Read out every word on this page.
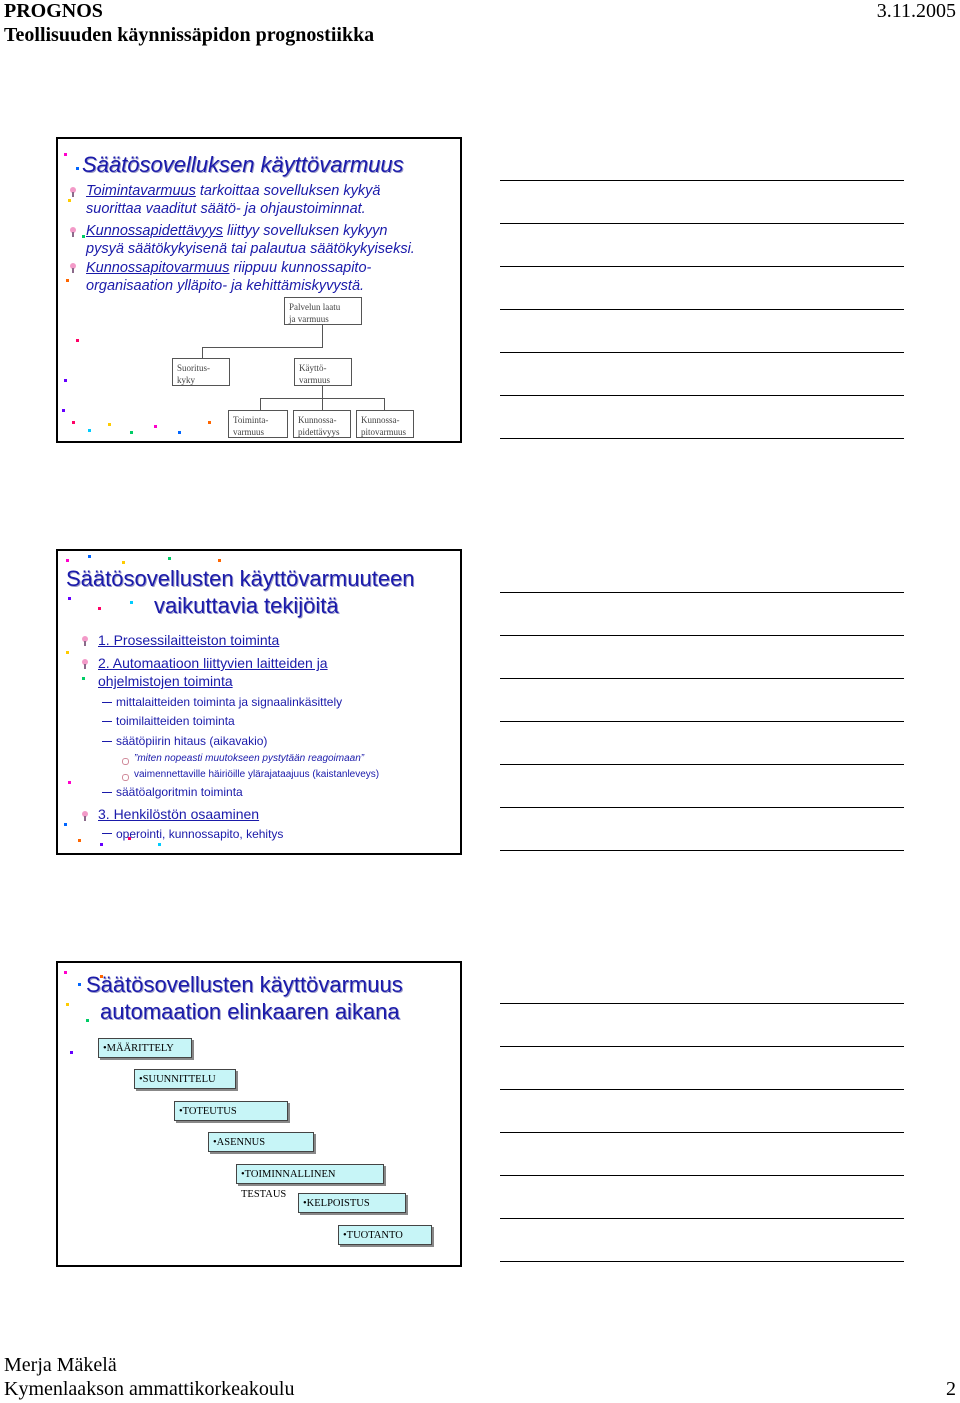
PROGNOS	3.11.2005
Teollisuuden käynnissäpidon prognostiikka
Säätösovelluksen käyttövarmuus
Toimintavarmuus tarkoittaa sovelluksen kykyä
suorittaa vaaditut säätö- ja ohjaustoiminnat.
Kunnossapidettävyys liittyy sovelluksen kykyyn
pysyä säätökykyisenä tai palautua säätökykyiseksi.
Kunnossapitovarmuus riippuu kunnossapito-
organisaation ylläpito- ja kehittämiskyvystä.
Palvelun laatu
ja varmuus
Suoritus-
kyky
Käyttö-
varmuus
Toiminta-
varmuus
Kunnossa-
pidettävyys
Kunnossa-
pitovarmuus
Säätösovellusten käyttövarmuuteen
vaikuttavia tekijöitä
1. Prosessilaitteiston toiminta
2. Automaatioon liittyvien laitteiden ja
ohjelmistojen toiminta
mittalaitteiden toiminta ja signaalinkäsittely
toimilaitteiden toiminta
säätöpiirin hitaus (aikavakio)
”miten nopeasti muutokseen pystytään reagoimaan”
vaimennettaville häiriöille ylärajataajuus (kaistanleveys)
säätöalgoritmin toiminta
3. Henkilöstön osaaminen
operointi, kunnossapito, kehitys
Säätösovellusten käyttövarmuus
automaation elinkaaren aikana
•MÄÄRITTELY
•SUUNNITTELU
•TOTEUTUS
•ASENNUS
•TOIMINNALLINEN TESTAUS
•KELPOISTUS
•TUOTANTO
Merja Mäkelä
Kymenlaakson ammattikorkeakoulu	2
